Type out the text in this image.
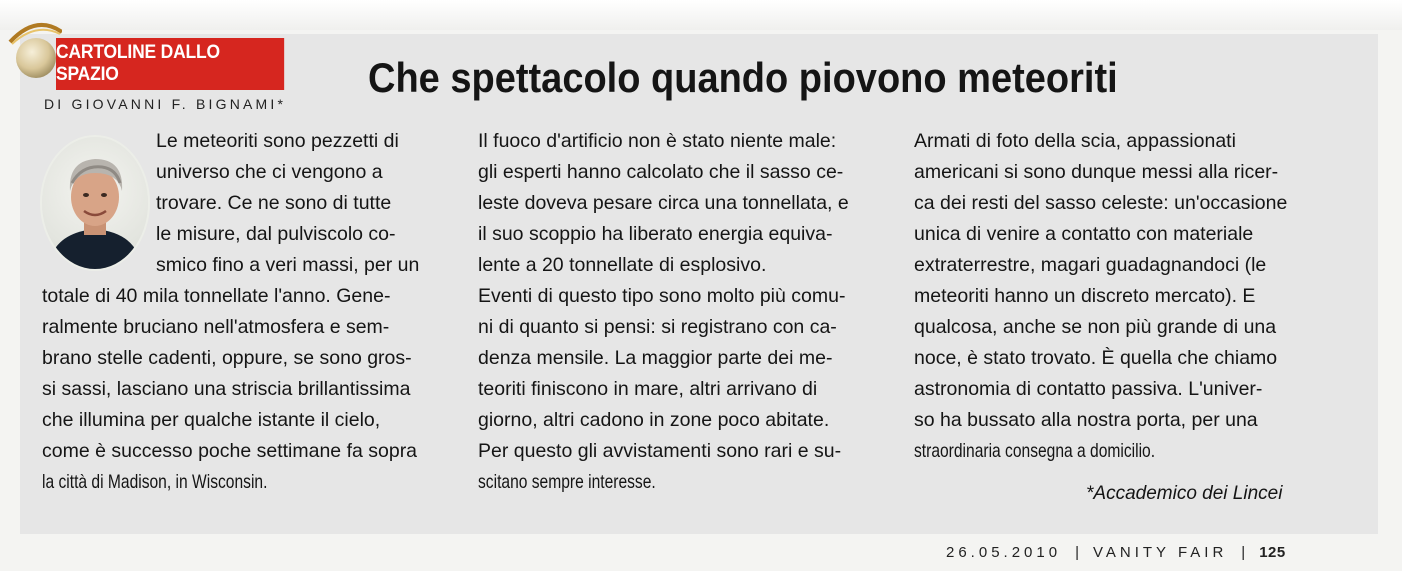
CARTOLINE DALLO SPAZIO
DI GIOVANNI F. BIGNAMI*
Che spettacolo quando piovono meteoriti
Le meteoriti sono pezzetti di
universo che ci vengono a
trovare. Ce ne sono di tutte
le misure, dal pulviscolo co-
smico fino a veri massi, per un
totale di 40 mila tonnellate l'anno. Gene-
ralmente bruciano nell'atmosfera e sem-
brano stelle cadenti, oppure, se sono gros-
si sassi, lasciano una striscia brillantissima
che illumina per qualche istante il cielo,
come è successo poche settimane fa sopra
la città di Madison, in Wisconsin.
Il fuoco d'artificio non è stato niente male:
gli esperti hanno calcolato che il sasso ce-
leste doveva pesare circa una tonnellata, e
il suo scoppio ha liberato energia equiva-
lente a 20 tonnellate di esplosivo.
Eventi di questo tipo sono molto più comu-
ni di quanto si pensi: si registrano con ca-
denza mensile. La maggior parte dei me-
teoriti finiscono in mare, altri arrivano di
giorno, altri cadono in zone poco abitate.
Per questo gli avvistamenti sono rari e su-
scitano sempre interesse.
Armati di foto della scia, appassionati
americani si sono dunque messi alla ricer-
ca dei resti del sasso celeste: un'occasione
unica di venire a contatto con materiale
extraterrestre, magari guadagnandoci (le
meteoriti hanno un discreto mercato). E
qualcosa, anche se non più grande di una
noce, è stato trovato. È quella che chiamo
astronomia di contatto passiva. L'univer-
so ha bussato alla nostra porta, per una
straordinaria consegna a domicilio.
*Accademico dei Lincei
26.05.2010 | VANITY FAIR | 125
